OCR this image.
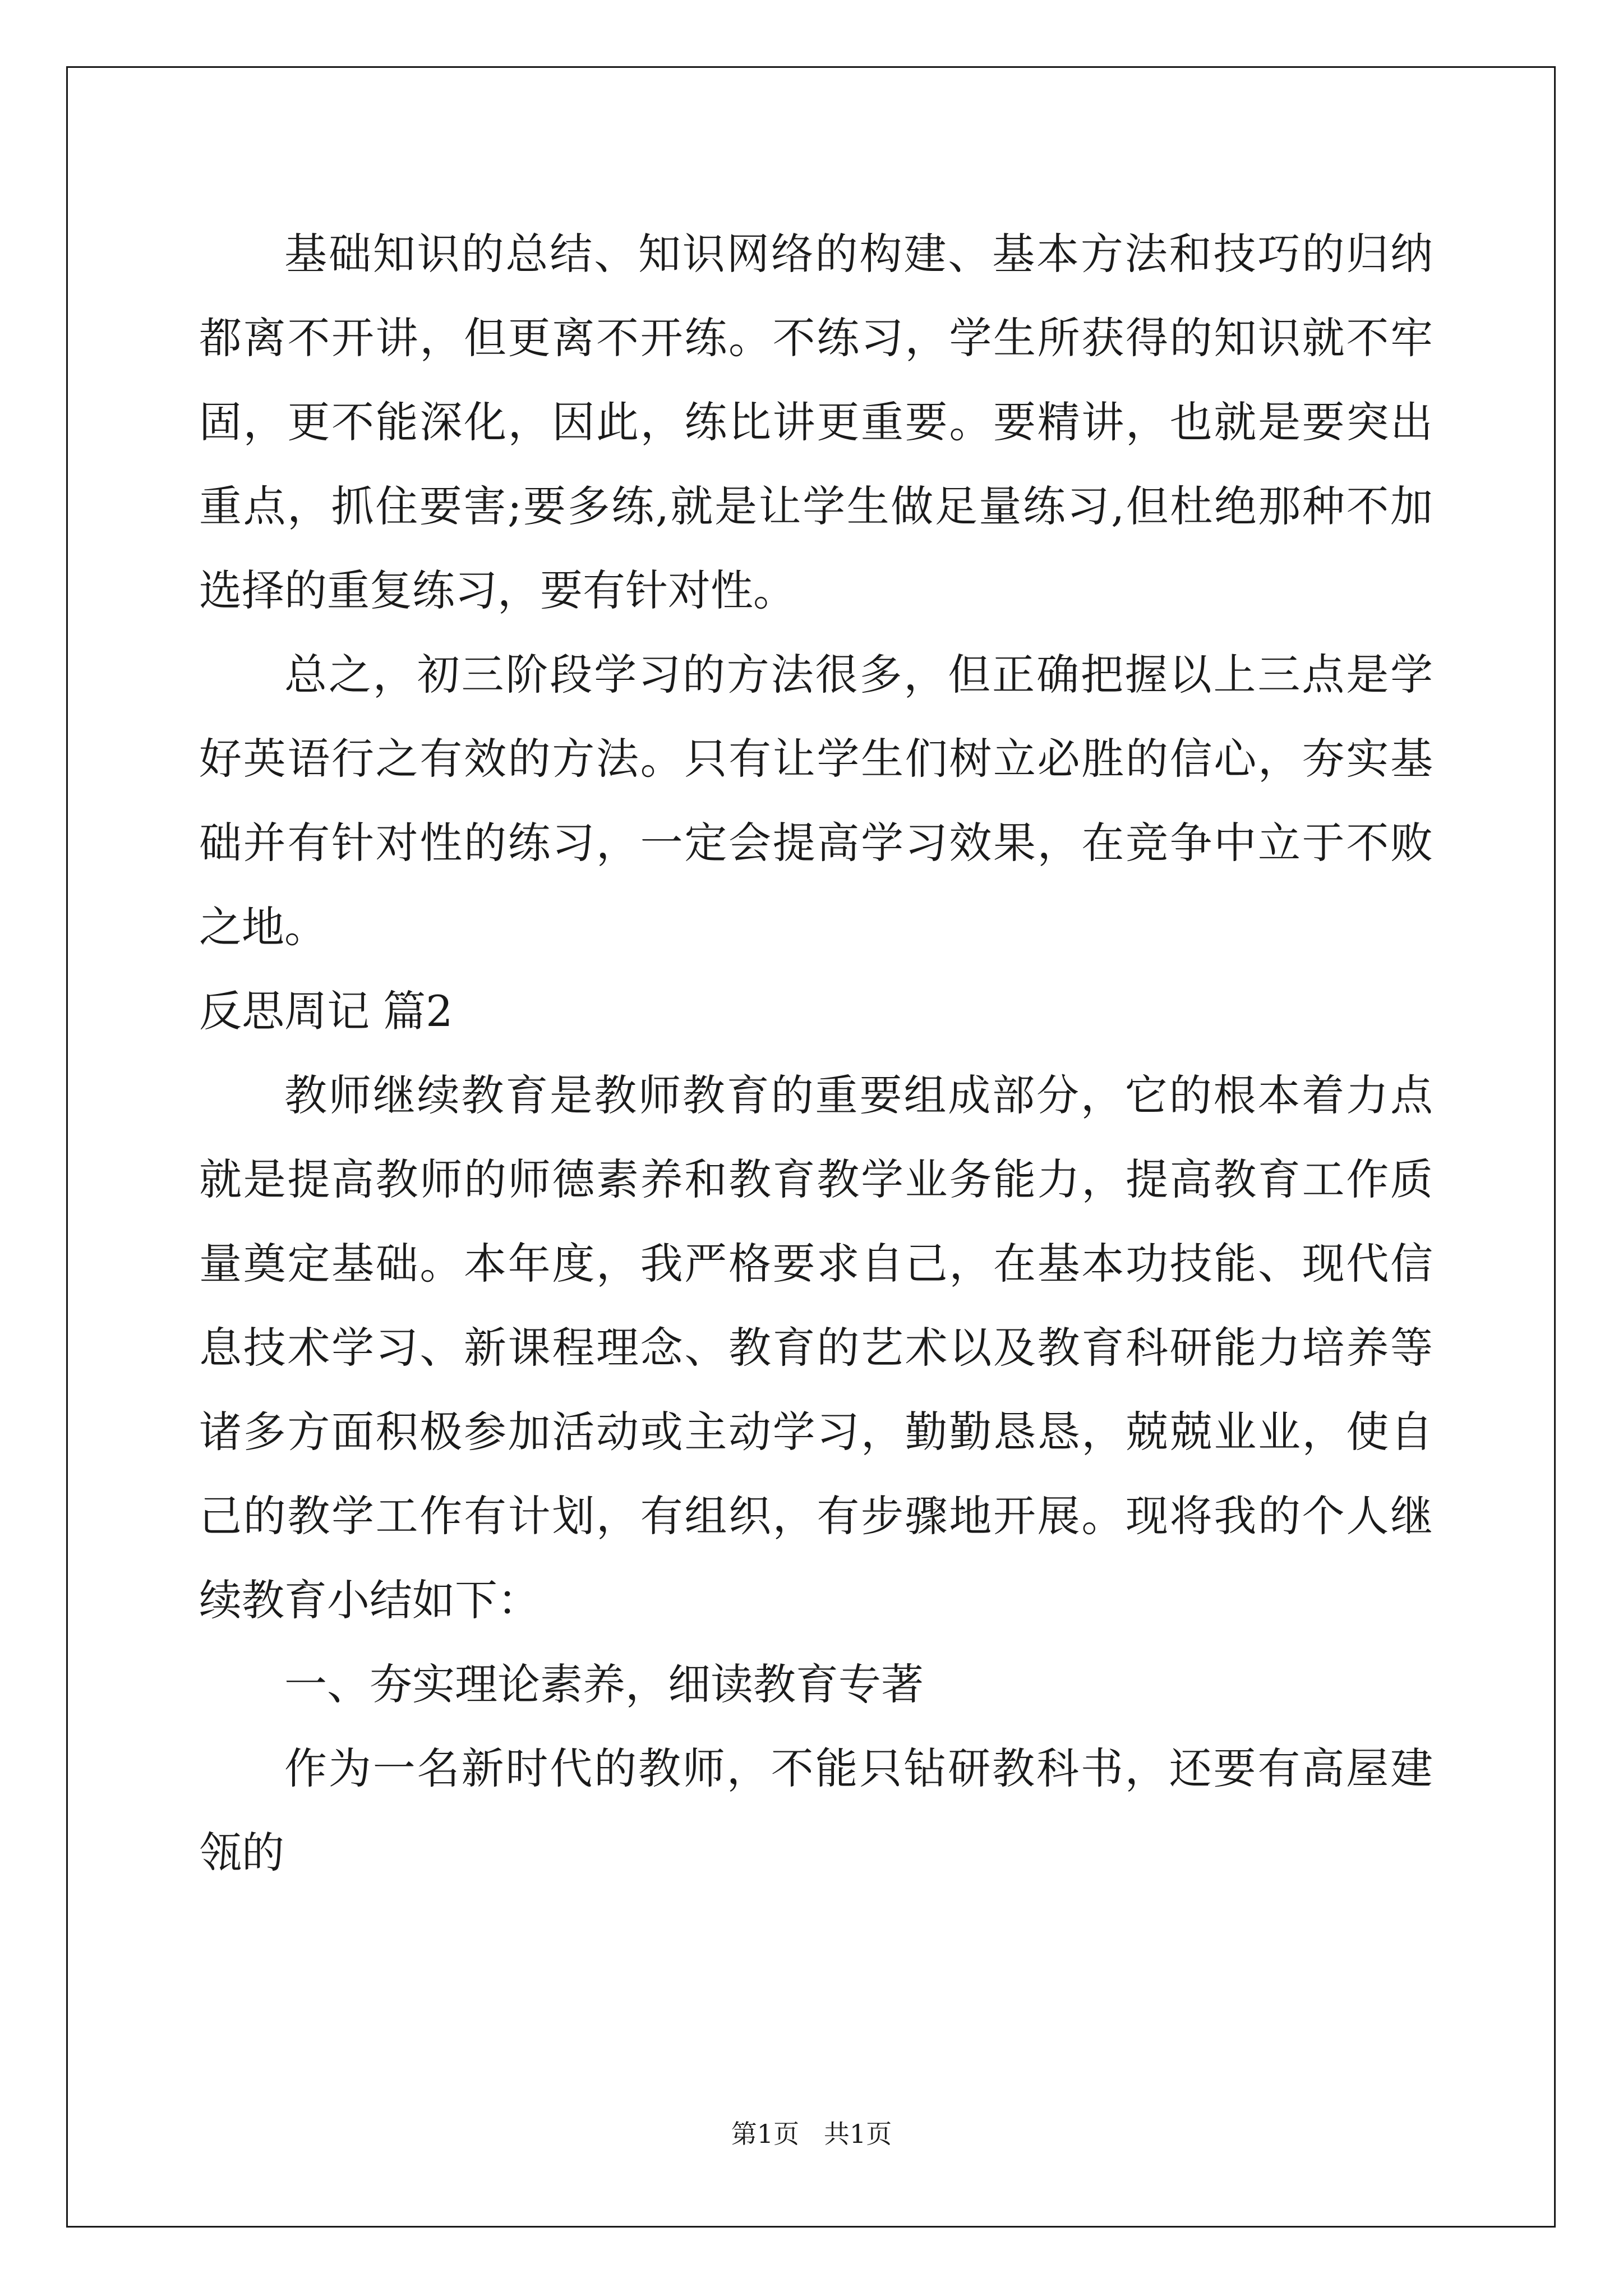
基础知识的总结、知识网络的构建、基本方法和技巧的归纳都离不开讲，但更离不开练。不练习，学生所获得的知识就不牢固，更不能深化，因此，练比讲更重要。要精讲，也就是要突出重点，抓住要害;要多练,就是让学生做足量练习,但杜绝那种不加选择的重复练习，要有针对性。

总之，初三阶段学习的方法很多，但正确把握以上三点是学好英语行之有效的方法。只有让学生们树立必胜的信心，夯实基础并有针对性的练习，一定会提高学习效果，在竞争中立于不败之地。

反思周记 篇2

教师继续教育是教师教育的重要组成部分，它的根本着力点就是提高教师的师德素养和教育教学业务能力，提高教育工作质量奠定基础。本年度，我严格要求自己，在基本功技能、现代信息技术学习、新课程理念、教育的艺术以及教育科研能力培养等诸多方面积极参加活动或主动学习，勤勤恳恳，兢兢业业，使自己的教学工作有计划，有组织，有步骤地开展。现将我的个人继续教育小结如下：

一、夯实理论素养，细读教育专著

作为一名新时代的教师，不能只钻研教科书，还要有高屋建瓴的

第1页   共1页
